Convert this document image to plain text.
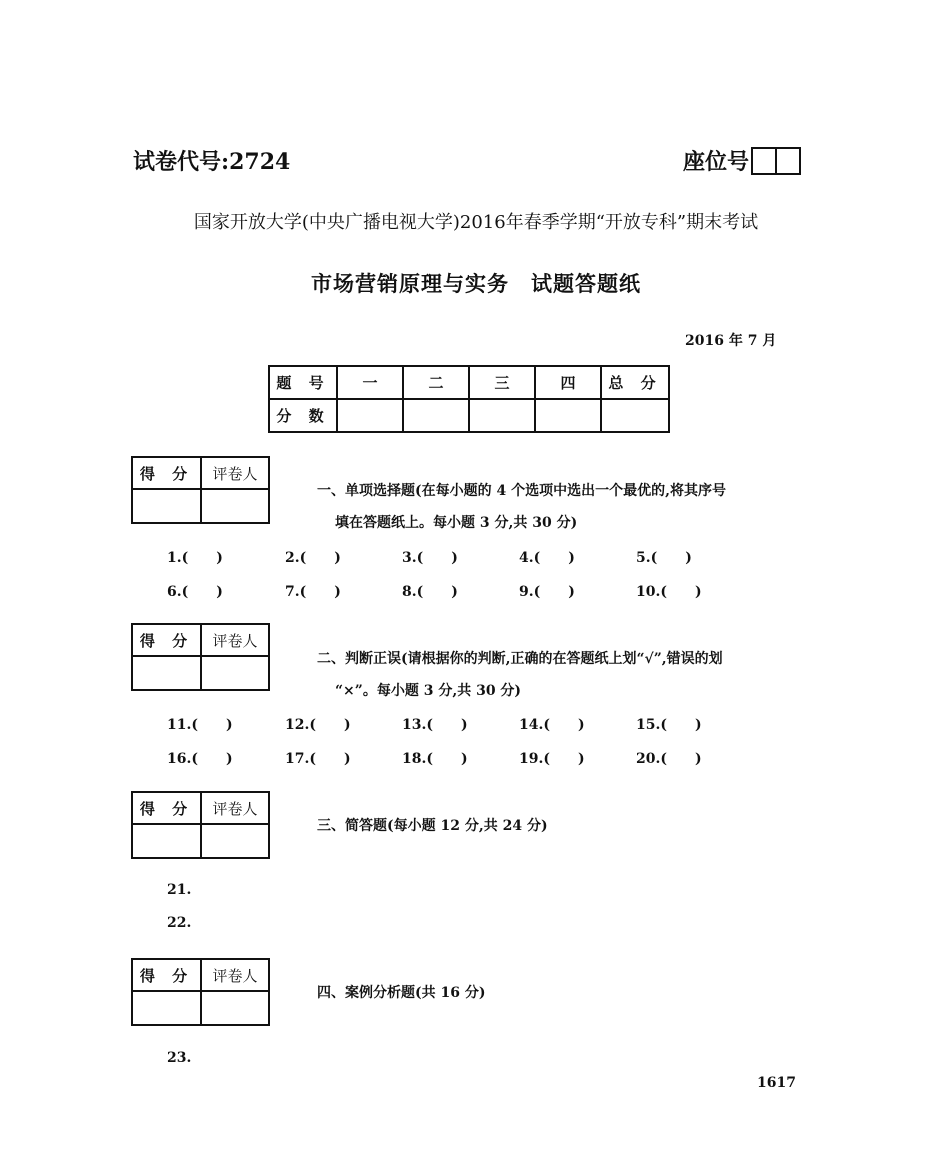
试卷代号:2724	座位号
国家开放大学(中央广播电视大学)2016年春季学期“开放专科”期末考试
市场营销原理与实务　试题答题纸
2016 年 7 月
题 号	一	二	三	四	总 分
分 数					
得 分	评卷人

一、单项选择题(在每小题的 4 个选项中选出一个最优的,将其序号
填在答题纸上。每小题 3 分,共 30 分)
1.(　　)	2.(　　)	3.(　　)	4.(　　)	5.(　　)
6.(　　)	7.(　　)	8.(　　)	9.(　　)	10.(　　)
得 分	评卷人

二、判断正误(请根据你的判断,正确的在答题纸上划“√”,错误的划
“×”。每小题 3 分,共 30 分)
11.(　　)	12.(　　)	13.(　　)	14.(　　)	15.(　　)
16.(　　)	17.(　　)	18.(　　)	19.(　　)	20.(　　)
得 分	评卷人

三、简答题(每小题 12 分,共 24 分)
21.
22.
得 分	评卷人

四、案例分析题(共 16 分)
23.
1617
